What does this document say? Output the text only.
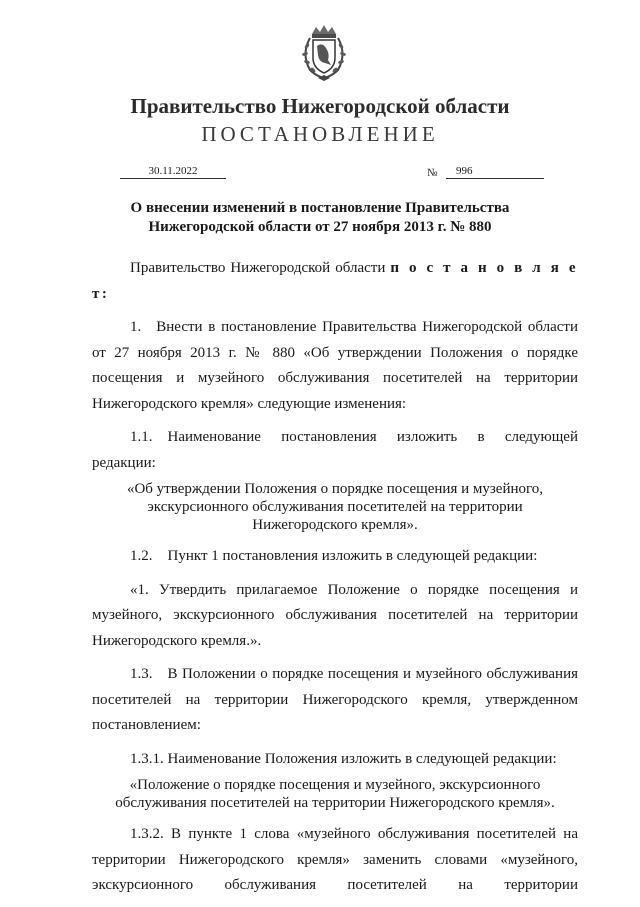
Правительство Нижегородской области
ПОСТАНОВЛЕНИЕ
30.11.2022	№	996
О внесении изменений в постановление Правительства
Нижегородской области от 27 ноября 2013 г. № 880

Правительство Нижегородской области п о с т а н о в л я е т:

1. Внести в постановление Правительства Нижегородской области от 27 ноября 2013 г. № 880 «Об утверждении Положения о порядке посещения и музейного обслуживания посетителей на территории Нижегородского кремля» следующие изменения:

1.1. Наименование постановления изложить в следующей редакции:

«Об утверждении Положения о порядке посещения и музейного,
экскурсионного обслуживания посетителей на территории
Нижегородского кремля».

1.2. Пункт 1 постановления изложить в следующей редакции:

«1. Утвердить прилагаемое Положение о порядке посещения и музейного, экскурсионного обслуживания посетителей на территории Нижегородского кремля.».

1.3. В Положении о порядке посещения и музейного обслуживания посетителей на территории Нижегородского кремля, утвержденном постановлением:

1.3.1. Наименование Положения изложить в следующей редакции:

«Положение о порядке посещения и музейного, экскурсионного
обслуживания посетителей на территории Нижегородского кремля».

1.3.2. В пункте 1 слова «музейного обслуживания посетителей на территории Нижегородского кремля» заменить словами «музейного, экскурсионного обслуживания посетителей на территории
